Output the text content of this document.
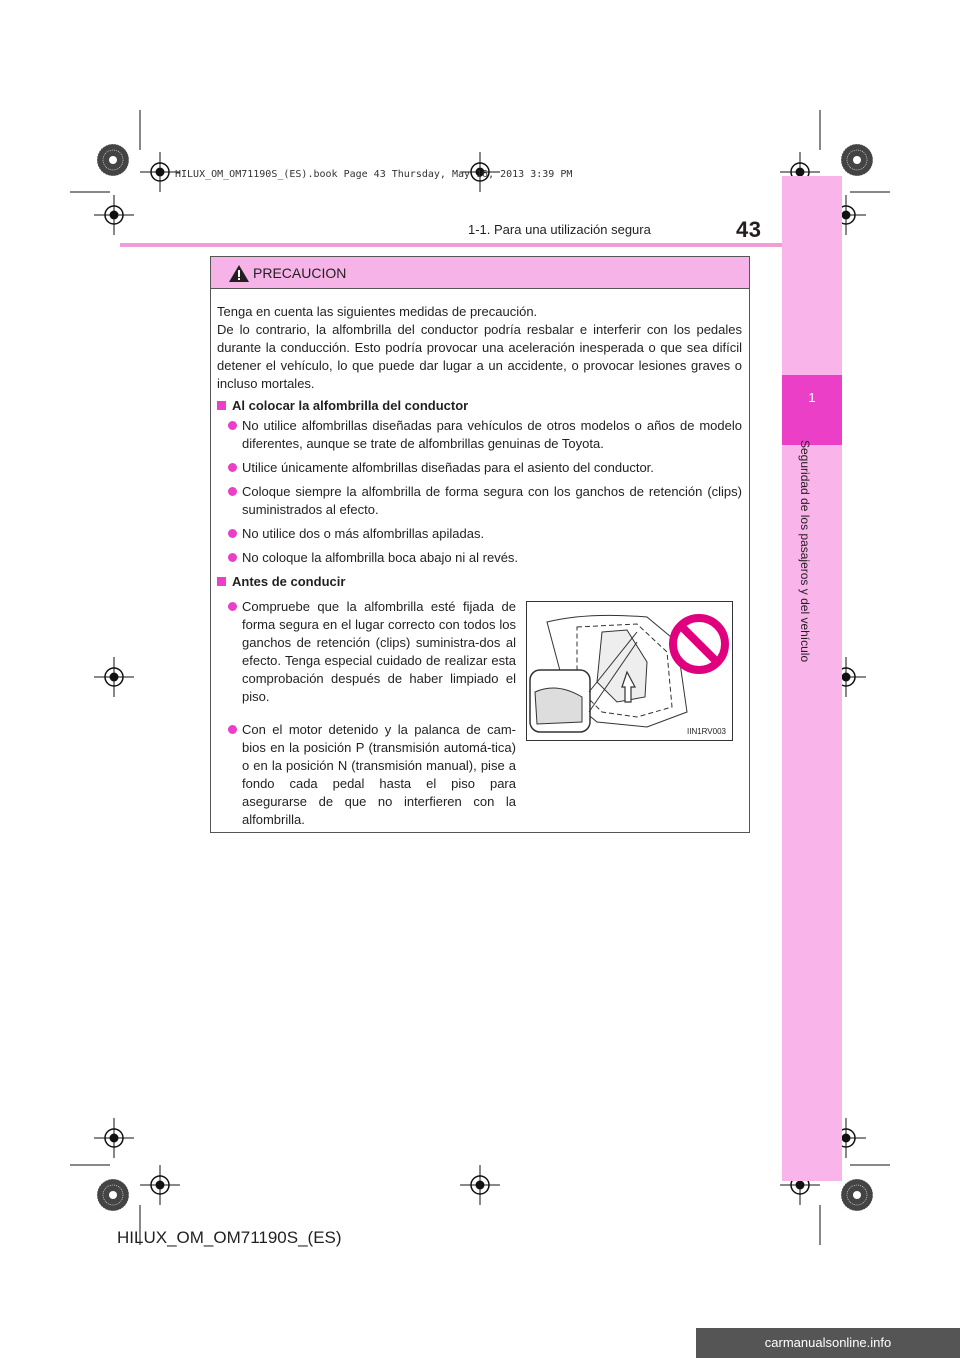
HILUX_OM_OM71190S_(ES).book Page 43 Thursday, May 16, 2013 3:39 PM
1
Seguridad de los pasajeros y del vehículo
1-1. Para una utilización segura	43
PRECAUCION
Tenga en cuenta las siguientes medidas de precaución.
De lo contrario, la alfombrilla del conductor podría resbalar e interferir con los pedales durante la conducción. Esto podría provocar una aceleración inesperada o que sea difícil detener el vehículo, lo que puede dar lugar a un accidente, o provocar lesiones graves o incluso mortales.
Al colocar la alfombrilla del conductor
No utilice alfombrillas diseñadas para vehículos de otros modelos o años de modelo diferentes, aunque se trate de alfombrillas genuinas de Toyota.
Utilice únicamente alfombrillas diseñadas para el asiento del conductor.
Coloque siempre la alfombrilla de forma segura con los ganchos de retención (clips) suministrados al efecto.
No utilice dos o más alfombrillas apiladas.
No coloque la alfombrilla boca abajo ni al revés.
Antes de conducir
Compruebe que la alfombrilla esté fijada de forma segura en el lugar correcto con todos los ganchos de retención (clips) suministra-dos al efecto. Tenga especial cuidado de realizar esta comprobación después de haber limpiado el piso.
Con el motor detenido y la palanca de cam-bios en la posición P (transmisión automá-tica) o en la posición N (transmisión manual), pise a fondo cada pedal hasta el piso para asegurarse de que no interfieren con la alfombrilla.
IIN1RV003
HILUX_OM_OM71190S_(ES)
carmanualsonline.info
